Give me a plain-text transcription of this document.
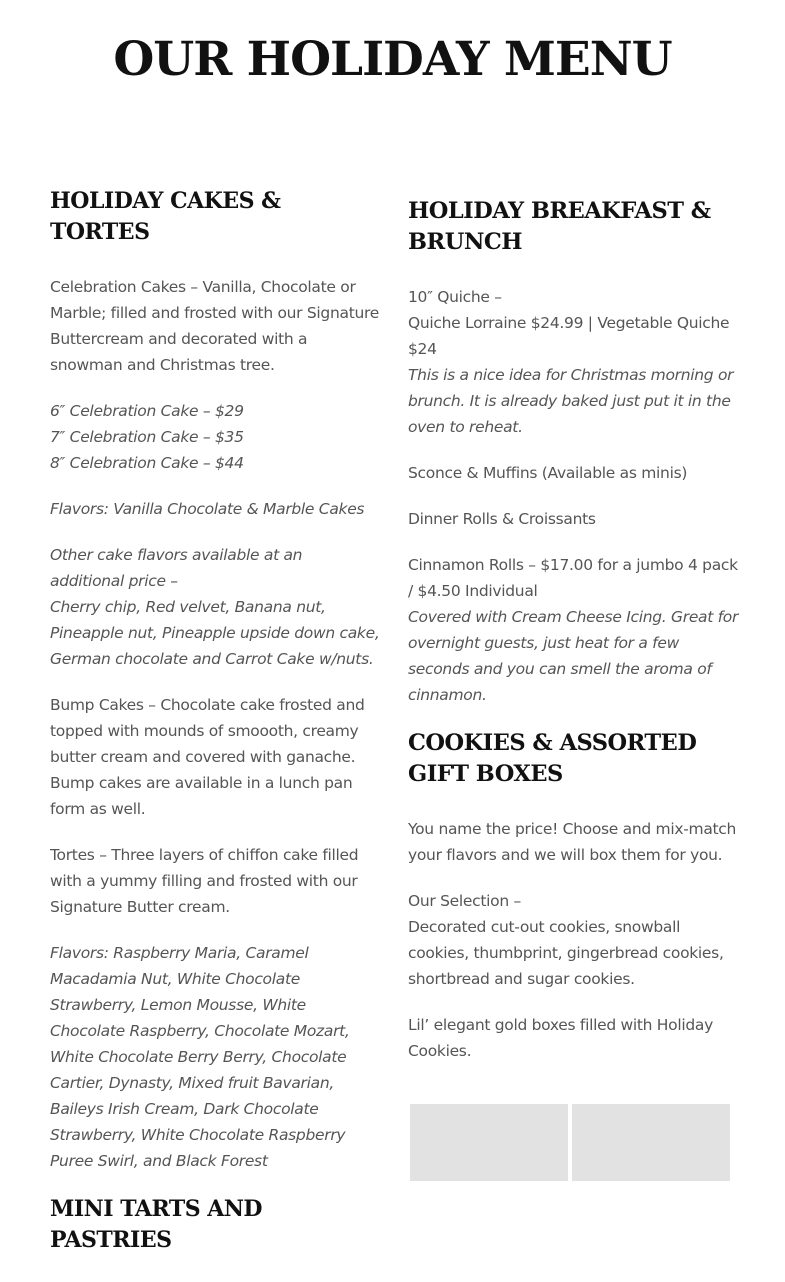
OUR HOLIDAY MENU
HOLIDAY CAKES & TORTES

Celebration Cakes – Vanilla, Chocolate or Marble; filled and frosted with our Signature Buttercream and decorated with a snowman and Christmas tree.

6″ Celebration Cake – $29
7″ Celebration Cake – $35
8″ Celebration Cake – $44

Flavors: Vanilla Chocolate & Marble Cakes

Other cake flavors available at an additional price –
Cherry chip, Red velvet, Banana nut, Pineapple nut, Pineapple upside down cake, German chocolate and Carrot Cake w/nuts.

Bump Cakes – Chocolate cake frosted and topped with mounds of smoooth, creamy butter cream and covered with ganache. Bump cakes are available in a lunch pan form as well.

Tortes – Three layers of chiffon cake filled with a yummy filling and frosted with our Signature Butter cream.

Flavors: Raspberry Maria, Caramel Macadamia Nut, White Chocolate Strawberry, Lemon Mousse, White Chocolate Raspberry, Chocolate Mozart, White Chocolate Berry Berry, Chocolate Cartier, Dynasty, Mixed fruit Bavarian, Baileys Irish Cream, Dark Chocolate Strawberry, White Chocolate Raspberry Puree Swirl, and Black Forest

MINI TARTS AND PASTRIES
HOLIDAY BREAKFAST & BRUNCH

10″ Quiche –
Quiche Lorraine $24.99 | Vegetable Quiche $24
This is a nice idea for Christmas morning or brunch. It is already baked just put it in the oven to reheat.

Sconce & Muffins (Available as minis)

Dinner Rolls & Croissants

Cinnamon Rolls – $17.00 for a jumbo 4 pack / $4.50 Individual
Covered with Cream Cheese Icing. Great for overnight guests, just heat for a few seconds and you can smell the aroma of cinnamon.

COOKIES & ASSORTED GIFT BOXES

You name the price! Choose and mix-match your flavors and we will box them for you.

Our Selection –
Decorated cut-out cookies, snowball cookies, thumbprint, gingerbread cookies, shortbread and sugar cookies.

Lil’ elegant gold boxes filled with Holiday Cookies.
